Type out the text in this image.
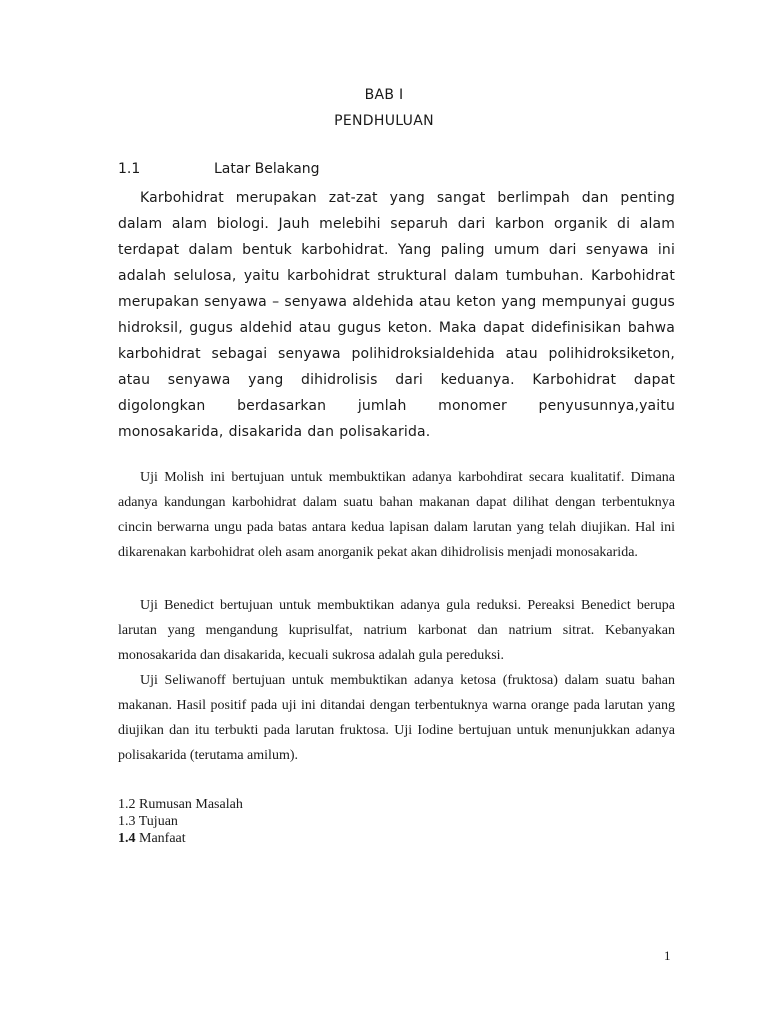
BAB I
PENDHULUAN
1.1	Latar Belakang

Karbohidrat merupakan zat-zat yang sangat berlimpah dan penting dalam alam biologi. Jauh melebihi separuh dari karbon organik di alam terdapat dalam bentuk karbohidrat. Yang paling umum dari senyawa ini adalah selulosa, yaitu karbohidrat struktural dalam tumbuhan. Karbohidrat merupakan senyawa – senyawa aldehida atau keton yang mempunyai gugus hidroksil, gugus aldehid atau gugus keton. Maka dapat didefinisikan bahwa karbohidrat sebagai senyawa polihidroksialdehida atau polihidroksiketon, atau senyawa yang dihidrolisis dari keduanya. Karbohidrat dapat digolongkan berdasarkan jumlah monomer penyusunnya,yaitu monosakarida, disakarida dan polisakarida.

Uji Molish ini bertujuan untuk membuktikan adanya karbohdirat secara kualitatif. Dimana adanya kandungan karbohidrat dalam suatu bahan makanan dapat dilihat dengan terbentuknya cincin berwarna ungu pada batas antara kedua lapisan dalam larutan yang telah diujikan. Hal ini dikarenakan karbohidrat oleh asam anorganik pekat akan dihidrolisis menjadi monosakarida.

Uji Benedict bertujuan untuk membuktikan adanya gula reduksi. Pereaksi Benedict berupa larutan yang mengandung kuprisulfat, natrium karbonat dan natrium sitrat. Kebanyakan monosakarida dan disakarida, kecuali sukrosa adalah gula pereduksi.

Uji Seliwanoff bertujuan untuk membuktikan adanya ketosa (fruktosa) dalam suatu bahan makanan. Hasil positif pada uji ini ditandai dengan terbentuknya warna orange pada larutan yang diujikan dan itu terbukti pada larutan fruktosa. Uji Iodine bertujuan untuk menunjukkan adanya polisakarida (terutama amilum).

1.2 Rumusan Masalah
1.3 Tujuan
1.4 Manfaat
1
